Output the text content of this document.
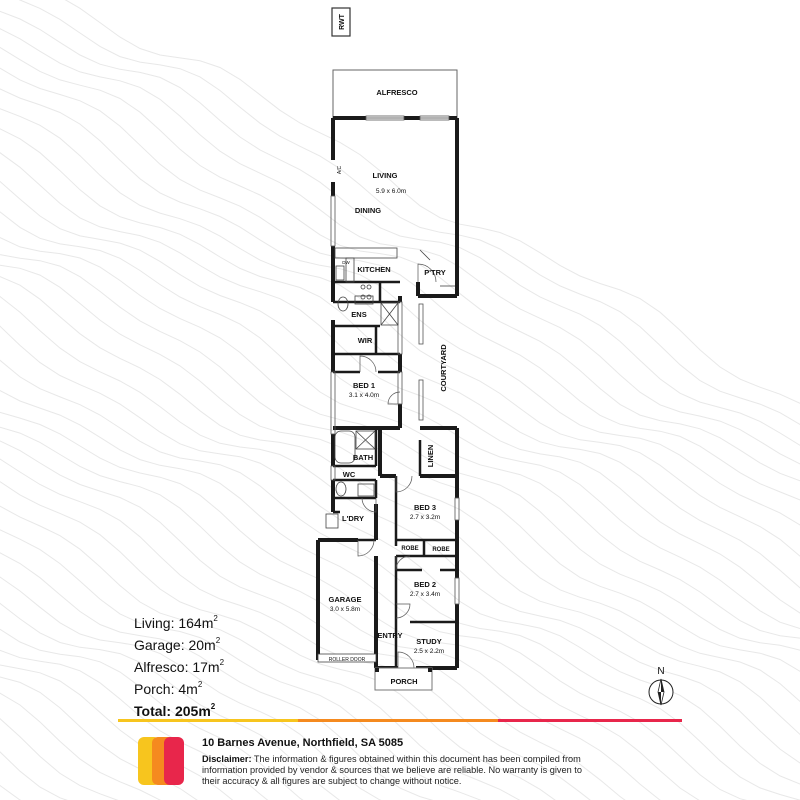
RWT
ALFRESCO
ROLLER DOOR
A/C
LIVING
5.9 x 6.0m
DINING
DW
KITCHEN	P'TRY
ENS
WIR
COURTYARD
BED 1
3.1 x 4.0m
BATH	LINEN
WC
BED 3
2.7 x 3.2m
L'DRY
ROBE ROBE
GARAGE
3.0 x 5.8m
BED 2
2.7 x 3.4m
ENTRY
STUDY
2.5 x 2.2m
PORCH
Living: $164m^2$
Garage: $20m^2$
Alfresco: $17m^2$
Porch: $4m^2$
Total: $205m^2$
N
10 Barnes Avenue, Northfield, SA 5085
Disclaimer: The information & figures obtained within this document has been compiled from information provided by vendor & sources that we believe are reliable. No warranty is given to their accuracy & all figures are subject to change without notice.
